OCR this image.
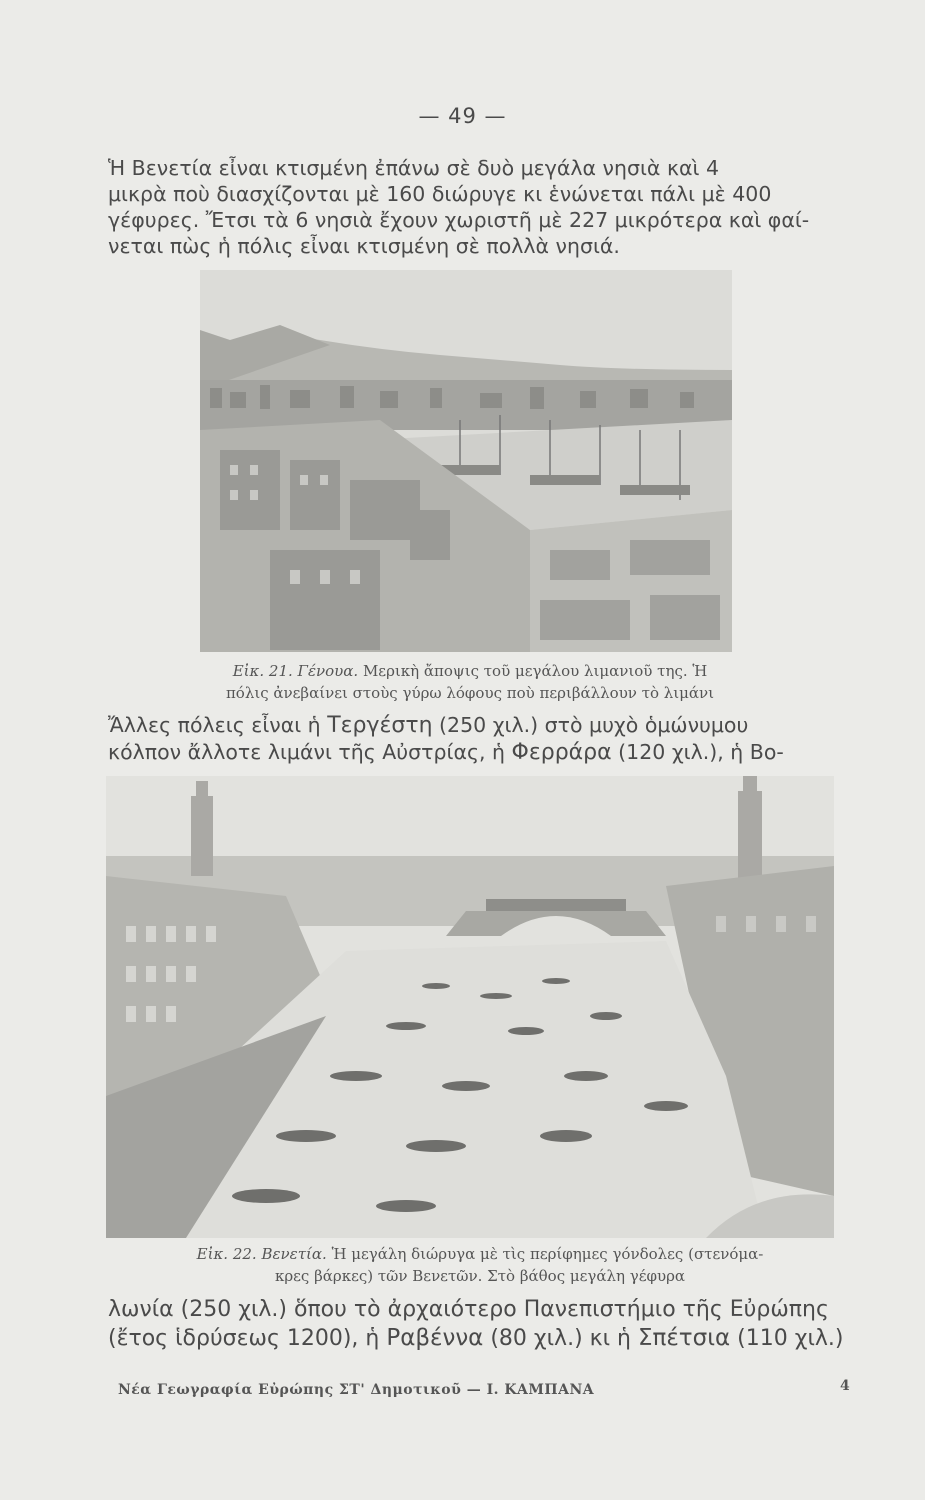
— 49 —
Ἡ Βενετία εἶναι κτισμένη ἐπάνω σὲ δυὸ μεγάλα νησιὰ καὶ 4
μικρὰ ποὺ διασχίζονται μὲ 160 διώρυγε κι ἑνώνεται πάλι μὲ 400
γέφυρες. Ἔτσι τὰ 6 νησιὰ ἔχουν χωριστῆ μὲ 227 μικρότερα καὶ φαί-
νεται πὼς ἡ πόλις εἶναι κτισμένη σὲ πολλὰ νησιά.
Εἰκ. 21. Γένουα. Μερικὴ ἄποψις τοῦ μεγάλου λιμανιοῦ της. Ἡ
πόλις ἀνεβαίνει στοὺς γύρω λόφους ποὺ περιβάλλουν τὸ λιμάνι
Ἄλλες πόλεις εἶναι ἡ Τεργέστη (250 χιλ.) στὸ μυχὸ ὁμώνυμου
κόλπον ἄλλοτε λιμάνι τῆς Αὐστρίας, ἡ Φερράρα (120 χιλ.), ἡ Βο-
Εἰκ. 22. Βενετία. Ἡ μεγάλη διώρυγα μὲ τὶς περίφημες γόνδολες (στενόμα-
κρες βάρκες) τῶν Βενετῶν. Στὸ βάθος μεγάλη γέφυρα
λωνία (250 χιλ.) ὅπου τὸ ἀρχαιότερο Πανεπιστήμιο τῆς Εὐρώπης
(ἔτος ἱδρύσεως 1200), ἡ Ραβέννα (80 χιλ.) κι ἡ Σπέτσια (110 χιλ.)
Νέα Γεωγραφία Εὐρώπης ΣΤ' Δημοτικοῦ — Ι. ΚΑΜΠΑΝΑ	4
